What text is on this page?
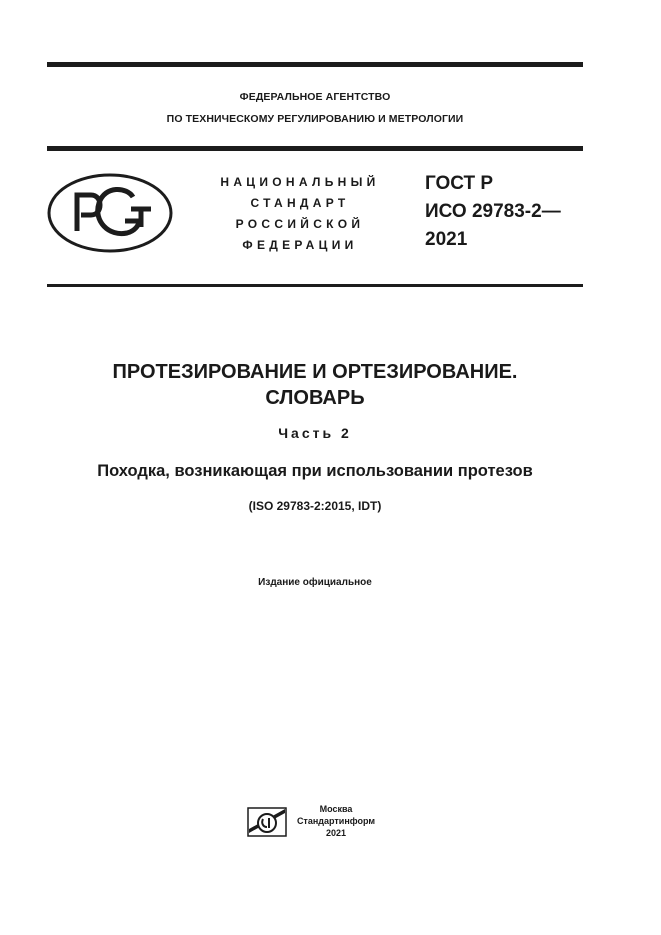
ФЕДЕРАЛЬНОЕ АГЕНТСТВО
ПО ТЕХНИЧЕСКОМУ РЕГУЛИРОВАНИЮ И МЕТРОЛОГИИ
НАЦИОНАЛЬНЫЙ
СТАНДАРТ
РОССИЙСКОЙ
ФЕДЕРАЦИИ
ГОСТ Р
ИСО 29783-2—
2021
ПРОТЕЗИРОВАНИЕ И ОРТЕЗИРОВАНИЕ.
СЛОВАРЬ
Часть 2
Походка, возникающая при использовании протезов
(ISO 29783-2:2015, IDT)
Издание официальное
Москва
Стандартинформ
2021
